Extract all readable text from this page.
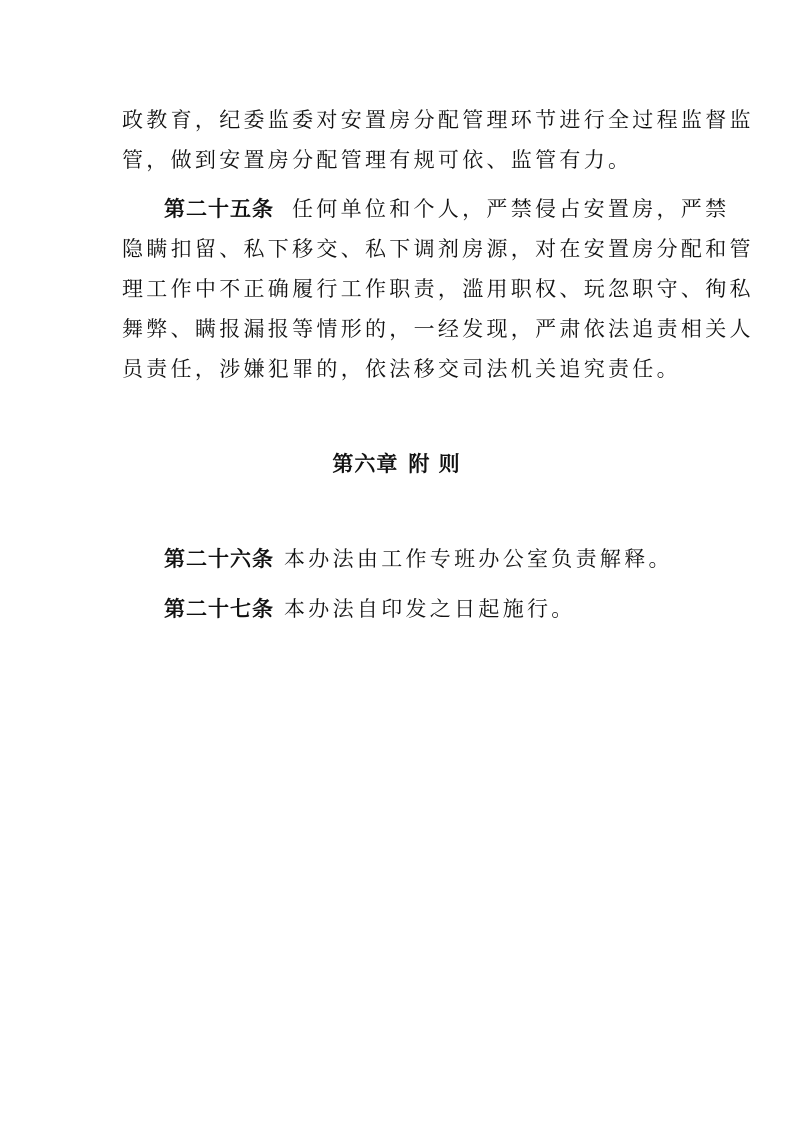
政教育，纪委监委对安置房分配管理环节进行全过程监督监
管，做到安置房分配管理有规可依、监管有力。
第二十五条 任何单位和个人，严禁侵占安置房，严禁
隐瞒扣留、私下移交、私下调剂房源，对在安置房分配和管
理工作中不正确履行工作职责，滥用职权、玩忽职守、徇私
舞弊、瞒报漏报等情形的，一经发现，严肃依法追责相关人
员责任，涉嫌犯罪的，依法移交司法机关追究责任。
第六章 附 则
第二十六条 本办法由工作专班办公室负责解释。
第二十七条 本办法自印发之日起施行。
